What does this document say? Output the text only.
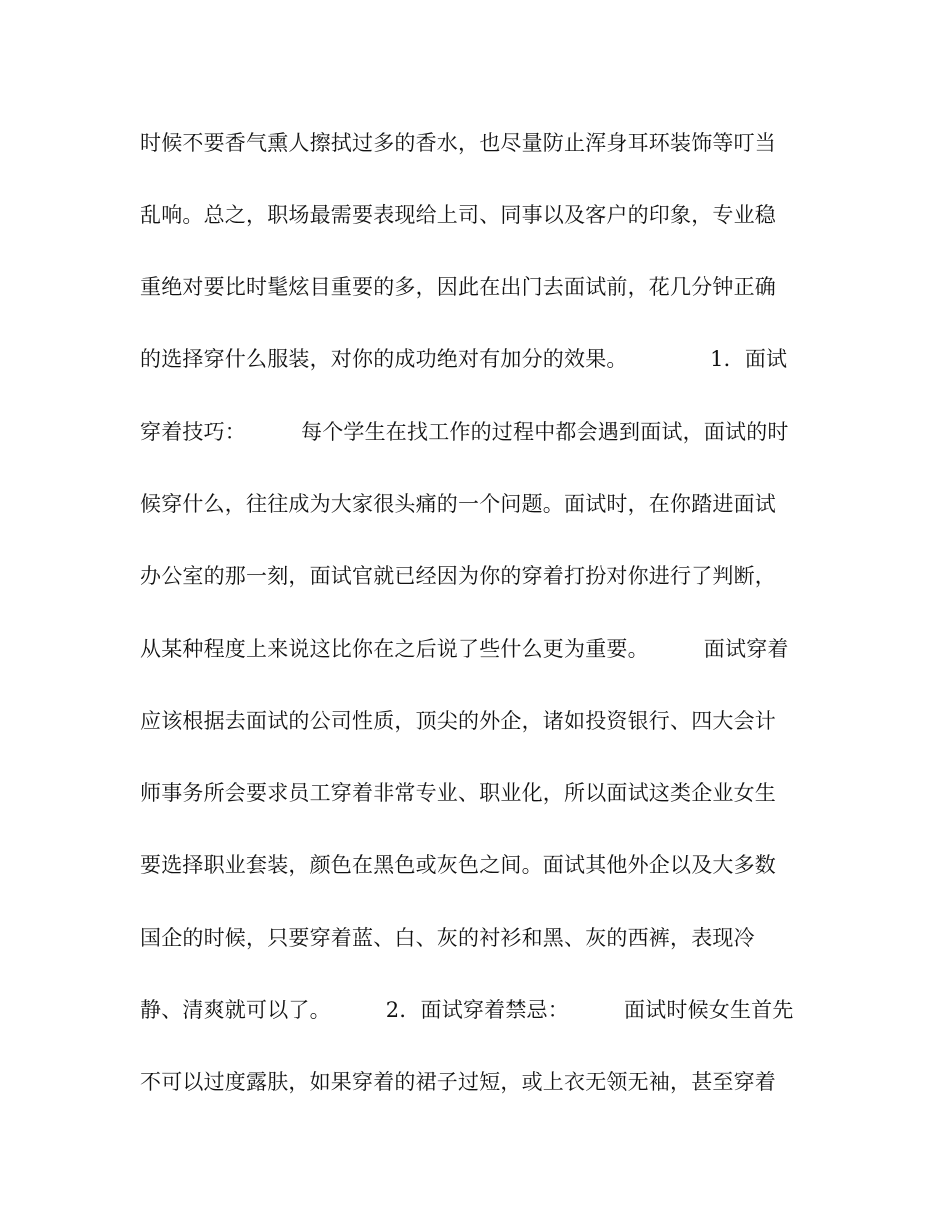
时候不要香气熏人擦拭过多的香水，也尽量防止浑身耳环装饰等叮当

乱响。总之，职场最需要表现给上司、同事以及客户的印象，专业稳

重绝对要比时髦炫目重要的多，因此在出门去面试前，花几分钟正确

的选择穿什么服装，对你的成功绝对有加分的效果。            1．面试

穿着技巧：        每个学生在找工作的过程中都会遇到面试，面试的时

候穿什么，往往成为大家很头痛的一个问题。面试时，在你踏进面试

办公室的那一刻，面试官就已经因为你的穿着打扮对你进行了判断，

从某种程度上来说这比你在之后说了些什么更为重要。        面试穿着

应该根据去面试的公司性质，顶尖的外企，诸如投资银行、四大会计

师事务所会要求员工穿着非常专业、职业化，所以面试这类企业女生

要选择职业套装，颜色在黑色或灰色之间。面试其他外企以及大多数

国企的时候，只要穿着蓝、白、灰的衬衫和黑、灰的西裤，表现冷

静、清爽就可以了。        2．面试穿着禁忌：        面试时候女生首先

不可以过度露肤，如果穿着的裙子过短，或上衣无领无袖，甚至穿着
